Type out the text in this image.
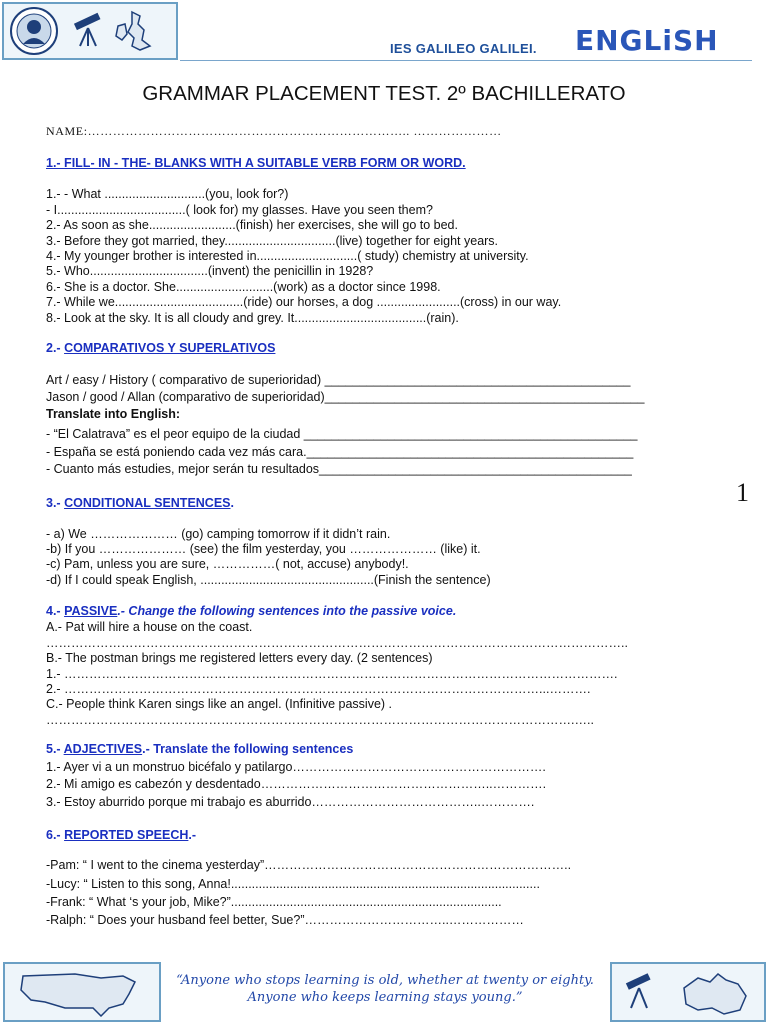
IES GALILEO GALILEI. ENGLiSH
GRAMMAR PLACEMENT TEST. 2º BACHILLERATO
NAME:………………………………………………………………….. …………………
1.- FILL- IN - THE- BLANKS WITH A SUITABLE VERB FORM OR WORD.
1.- - What .............................(you, look for?)
- I.....................................( look for) my glasses. Have you seen them?
2.- As soon as she.........................(finish) her exercises, she will go to bed.
3.- Before they got married, they................................(live) together for eight years.
4.- My younger brother is interested in.............................( study) chemistry at university.
5.- Who..................................(invent) the penicillin in 1928?
6.- She is a doctor. She............................(work) as a doctor since 1998.
7.- While we.....................................(ride) our horses, a dog ........................(cross) in our way.
8.- Look at the sky. It is all cloudy and grey. It......................................(rain).
2.- COMPARATIVOS Y SUPERLATIVOS
Art / easy / History ( comparativo de superioridad) ____________________________________________
Jason / good / Allan (comparativo de superioridad)______________________________________________
Translate into English:
- “El Calatrava” es el peor equipo de la ciudad ________________________________________________
- España se está poniendo cada vez más cara._______________________________________________
- Cuanto más estudies, mejor serán tu resultados_____________________________________________
1
3.- CONDITIONAL SENTENCES.
- a) We ………………… (go) camping tomorrow if it didn’t rain.
-b) If you ………………… (see) the film yesterday, you ………………… (like) it.
-c) Pam, unless you are sure, ……………( not, accuse) anybody!.
-d) If I could speak English, ..................................................(Finish the sentence)
4.- PASSIVE.- Change the following sentences into the passive voice.
A.- Pat will hire a house on the coast.
…………………………………………………………………………………………………………………………..
B.- The postman brings me registered letters every day. (2 sentences)
1.- …………………………………………………………………………………………………………………….
2.- ……………………………………………………………………………………………………...……….
C.- People think Karen sings like an angel. (Infinitive passive) .
……………………………………………………………………………………………………………….…..
5.- ADJECTIVES.- Translate the following sentences
1.- Ayer vi a un monstruo bicéfalo y patilargo…………………………………………………….
2.- Mi amigo es cabezón y desdentado………………………………………………..………….
3.- Estoy aburrido porque mi trabajo es aburrido…………………………………..………….
6.- REPORTED SPEECH.-
-Pam: “ I went to the cinema yesterday”………………………………………………………………..
-Lucy: “ Listen to this song, Anna!.........................................................................................
-Frank: “ What ‘s your job, Mike?”..............................................................................
-Ralph: “ Does your husband feel better, Sue?”……………………………..………………
“Anyone who stops learning is old, whether at twenty or eighty.
Anyone who keeps learning stays young.”
